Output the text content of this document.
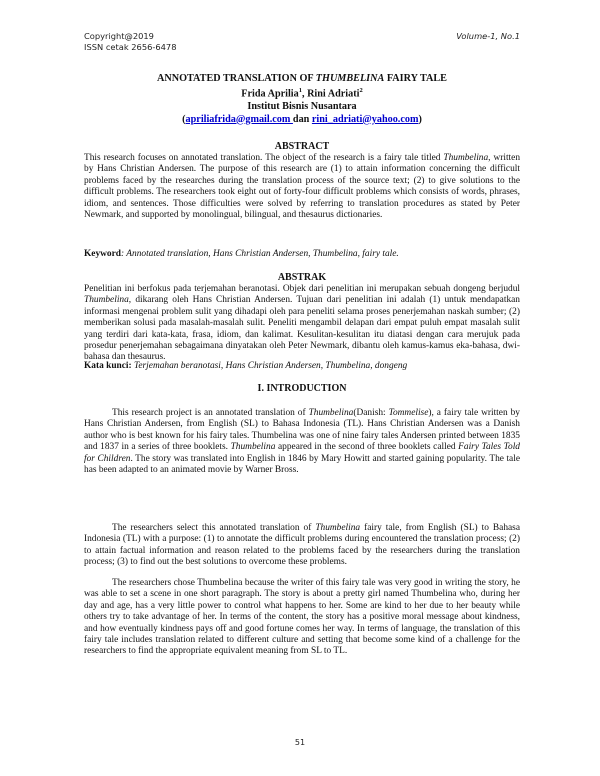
Copyright@2019
ISSN cetak 2656-6478
Volume-1, No.1
ANNOTATED TRANSLATION OF THUMBELINA FAIRY TALE
Frida Aprilia$^1$, Rini Adriati$^2$
Institut Bisnis Nusantara
(apriliafrida@gmail.com dan rini_adriati@yahoo.com)
ABSTRACT
This research focuses on annotated translation. The object of the research is a fairy tale titled Thumbelina, written by Hans Christian Andersen. The purpose of this research are (1) to attain information concerning the difficult problems faced by the researches during the translation process of the source text; (2) to give solutions to the difficult problems. The researchers took eight out of forty-four difficult problems which consists of words, phrases, idiom, and sentences. Those difficulties were solved by referring to translation procedures as stated by Peter Newmark, and supported by monolingual, bilingual, and thesaurus dictionaries.
Keyword: Annotated translation, Hans Christian Andersen, Thumbelina, fairy tale.
ABSTRAK
Penelitian ini berfokus pada terjemahan beranotasi. Objek dari penelitian ini merupakan sebuah dongeng berjudul Thumbelina, dikarang oleh Hans Christian Andersen. Tujuan dari penelitian ini adalah (1) untuk mendapatkan informasi mengenai problem sulit yang dihadapi oleh para peneliti selama proses penerjemahan naskah sumber; (2) memberikan solusi pada masalah-masalah sulit. Peneliti mengambil delapan dari empat puluh empat masalah sulit yang terdiri dari kata-kata, frasa, idiom, dan kalimat. Kesulitan-kesulitan itu diatasi dengan cara merujuk pada prosedur penerjemahan sebagaimana dinyatakan oleh Peter Newmark, dibantu oleh kamus-kamus eka-bahasa, dwi-bahasa dan thesaurus.
Kata kunci: Terjemahan beranotasi, Hans Christian Andersen, Thumbelina, dongeng
I. INTRODUCTION
This research project is an annotated translation of Thumbelina(Danish: Tommelise), a fairy tale written by Hans Christian Andersen, from English (SL) to Bahasa Indonesia (TL). Hans Christian Andersen was a Danish author who is best known for his fairy tales. Thumbelina was one of nine fairy tales Andersen printed between 1835 and 1837 in a series of three booklets. Thumbelina appeared in the second of three booklets called Fairy Tales Told for Children. The story was translated into English in 1846 by Mary Howitt and started gaining popularity. The tale has been adapted to an animated movie by Warner Bross.
The researchers select this annotated translation of Thumbelina fairy tale, from English (SL) to Bahasa Indonesia (TL) with a purpose: (1) to annotate the difficult problems during encountered the translation process; (2) to attain factual information and reason related to the problems faced by the researchers during the translation process; (3) to find out the best solutions to overcome these problems.
The researchers chose Thumbelina because the writer of this fairy tale was very good in writing the story, he was able to set a scene in one short paragraph. The story is about a pretty girl named Thumbelina who, during her day and age, has a very little power to control what happens to her. Some are kind to her due to her beauty while others try to take advantage of her. In terms of the content, the story has a positive moral message about kindness, and how eventually kindness pays off and good fortune comes her way. In terms of language, the translation of this fairy tale includes translation related to different culture and setting that become some kind of a challenge for the researchers to find the appropriate equivalent meaning from SL to TL.
51
